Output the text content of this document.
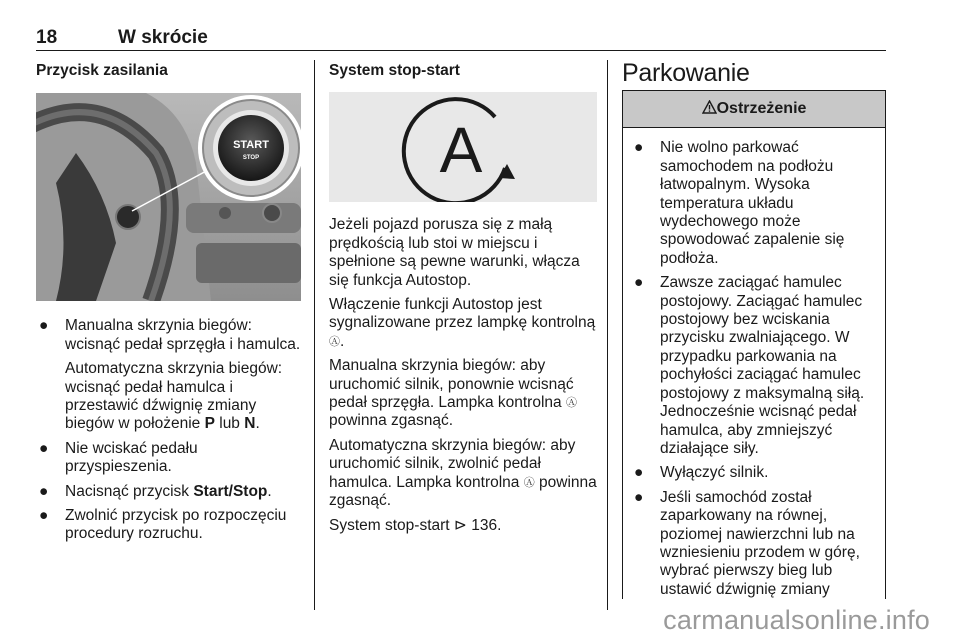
18	W skrócie
Przycisk zasilania
START
STOP
● Manualna skrzynia biegów: wcisnąć pedał sprzęgła i hamulca.
Automatyczna skrzynia biegów: wcisnąć pedał hamulca i przestawić dźwignię zmiany biegów w położenie P lub N.
● Nie wciskać pedału przyspieszenia.
● Nacisnąć przycisk Start/Stop.
● Zwolnić przycisk po rozpoczęciu procedury rozruchu.
System stop-start
A

Jeżeli pojazd porusza się z małą prędkością lub stoi w miejscu i spełnione są pewne warunki, włącza się funkcja Autostop.

Włączenie funkcji Autostop jest sygnalizowane przez lampkę kontrolną Ⓐ.

Manualna skrzynia biegów: aby uruchomić silnik, ponownie wcisnąć pedał sprzęgła. Lampka kontrolna Ⓐ powinna zgasnąć.

Automatyczna skrzynia biegów: aby uruchomić silnik, zwolnić pedał hamulca. Lampka kontrolna Ⓐ powinna zgasnąć.

System stop-start ⊳ 136.

Parkowanie
Ostrzeżenie
● Nie wolno parkować samochodem na podłożu łatwopalnym. Wysoka temperatura układu wydechowego może spowodować zapalenie się podłoża.
● Zawsze zaciągać hamulec postojowy. Zaciągać hamulec postojowy bez wciskania przycisku zwalniającego. W przypadku parkowania na pochyłości zaciągać hamulec postojowy z maksymalną siłą. Jednocześnie wcisnąć pedał hamulca, aby zmniejszyć działające siły.
● Wyłączyć silnik.
● Jeśli samochód został zaparkowany na równej, poziomej nawierzchni lub na wzniesieniu przodem w górę, wybrać pierwszy bieg lub ustawić dźwignię zmiany
carmanualsonline.info
